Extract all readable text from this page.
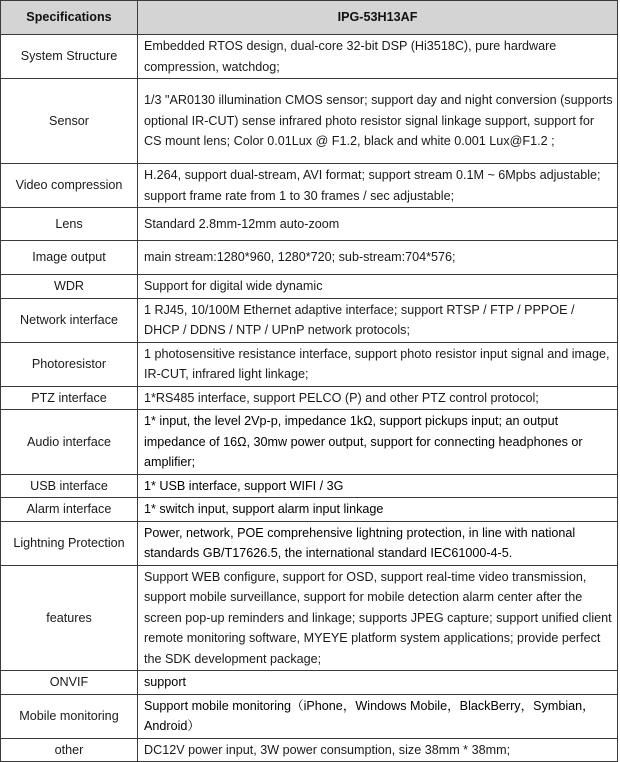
Specifications	IPG-53H13AF
System Structure	Embedded RTOS design, dual-core 32-bit DSP (Hi3518C), pure hardware compression, watchdog;
Sensor	1/3 "AR0130 illumination CMOS sensor; support day and night conversion (supports optional IR-CUT) sense infrared photo resistor signal linkage support, support for CS mount lens; Color 0.01Lux @ F1.2, black and white 0.001 Lux@F1.2 ;
Video compression	H.264, support dual-stream, AVI format; support stream 0.1M ~ 6Mpbs adjustable; support frame rate from 1 to 30 frames / sec adjustable;
Lens	Standard 2.8mm-12mm auto-zoom
Image output	main stream:1280*960, 1280*720; sub-stream:704*576;
WDR	Support for digital wide dynamic
Network interface	1 RJ45, 10/100M Ethernet adaptive interface; support RTSP / FTP / PPPOE / DHCP / DDNS / NTP / UPnP network protocols;
Photoresistor	1 photosensitive resistance interface, support photo resistor input signal and image, IR-CUT, infrared light linkage;
PTZ interface	1*RS485 interface, support PELCO (P) and other PTZ control protocol;
Audio interface	1* input, the level 2Vp-p, impedance 1kΩ, support pickups input; an output impedance of 16Ω, 30mw power output, support for connecting headphones or amplifier;
USB interface	1* USB interface, support WIFI / 3G
Alarm interface	1* switch input, support alarm input linkage
Lightning Protection	Power, network, POE comprehensive lightning protection, in line with national standards GB/T17626.5, the international standard IEC61000-4-5.
features	Support WEB configure, support for OSD, support real-time video transmission, support mobile surveillance, support for mobile detection alarm center after the screen pop-up reminders and linkage; supports JPEG capture; support unified client remote monitoring software, MYEYE platform system applications; provide perfect the SDK development package;
ONVIF	support
Mobile monitoring	Support mobile monitoring（iPhone，Windows Mobile，BlackBerry，Symbian，Android）
other	DC12V power input, 3W power consumption, size 38mm * 38mm;
